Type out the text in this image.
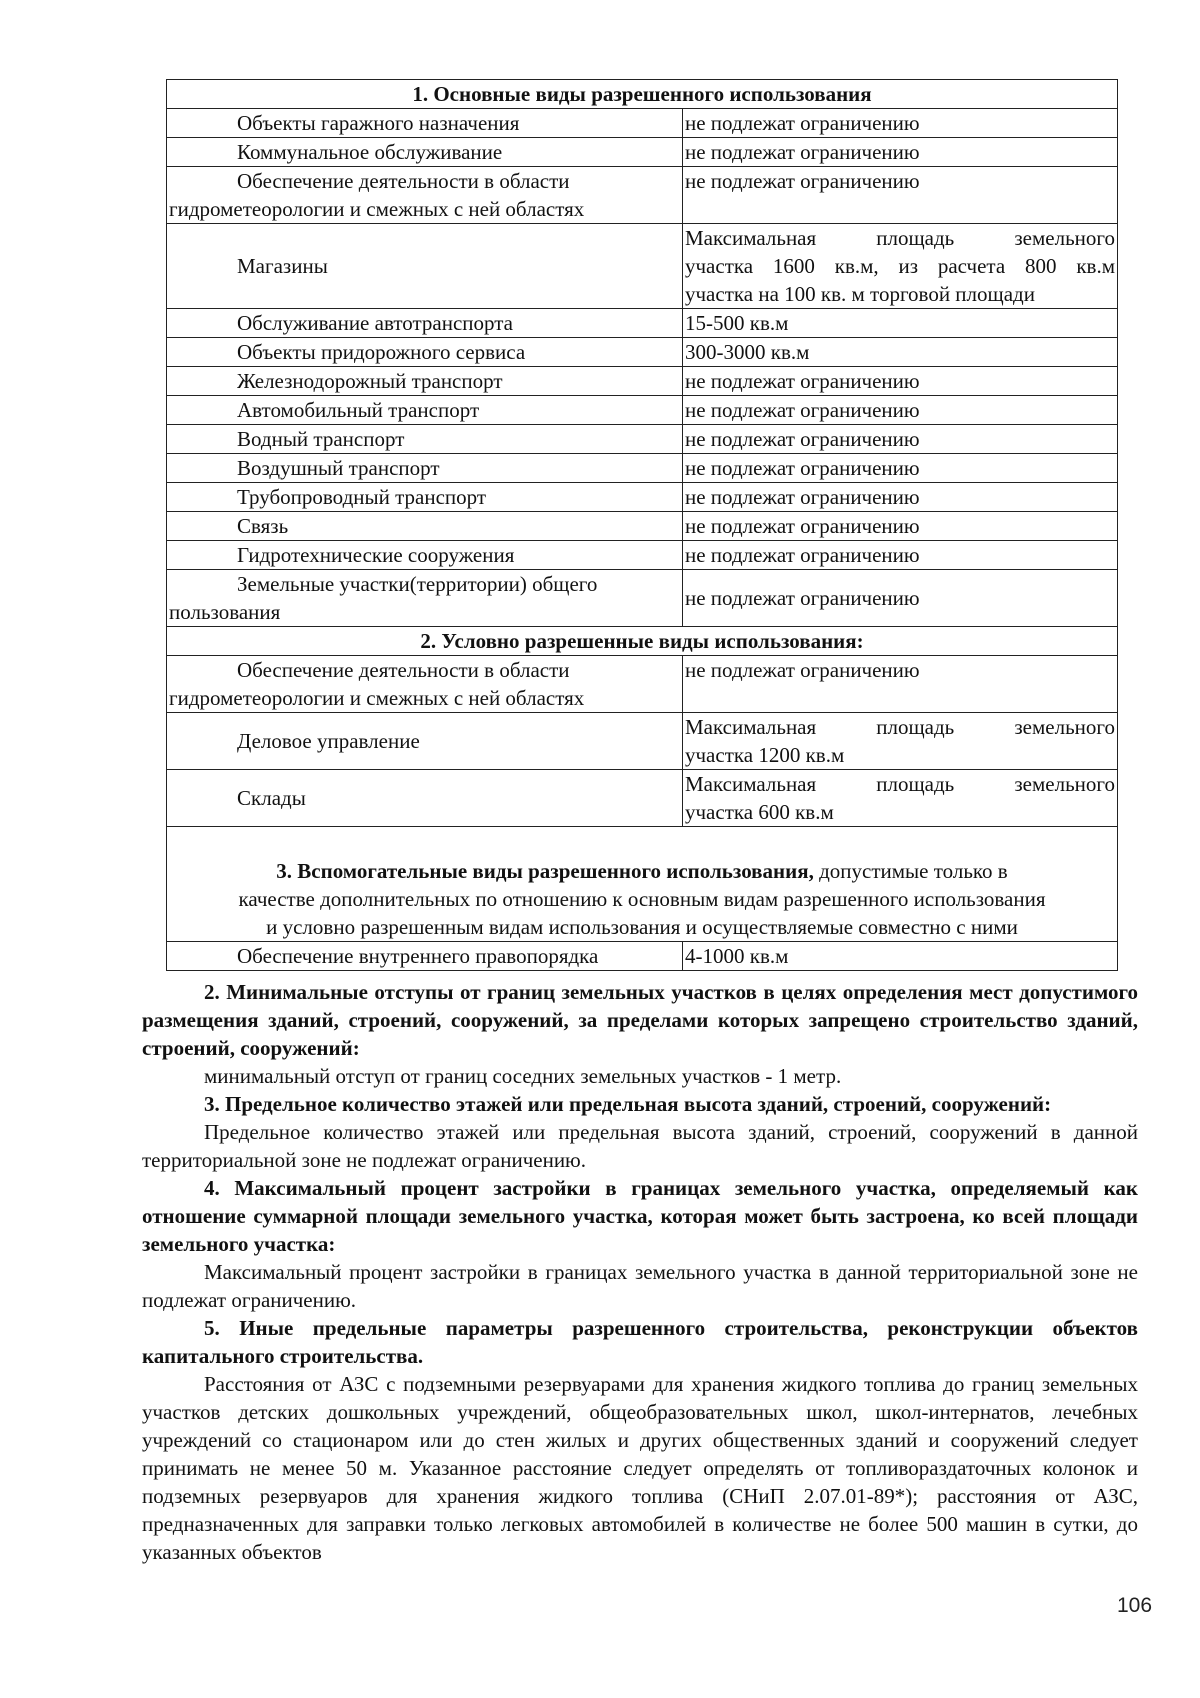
1. Основные виды разрешенного использования	
Объекты гаражного назначения	не подлежат ограничению
Коммунальное обслуживание	не подлежат ограничению
Обеспечение деятельности в области
гидрометеорологии и смежных с ней областях	не подлежат ограничению
Магазины	Максимальная площадь земельного
участка 1600 кв.м, из расчета 800 кв.м
участка на 100 кв. м торговой площади

Обслуживание автотранспорта	15-500 кв.м
Объекты придорожного сервиса	300-3000 кв.м
Железнодорожный транспорт	не подлежат ограничению
Автомобильный транспорт	не подлежат ограничению
Водный транспорт	не подлежат ограничению
Воздушный транспорт	не подлежат ограничению
Трубопроводный транспорт	не подлежат ограничению
Связь	не подлежат ограничению
Гидротехнические сооружения	не подлежат ограничению
Земельные участки(территории) общего
пользования	не подлежат ограничению
2. Условно разрешенные виды использования:	
Обеспечение деятельности в области
гидрометеорологии и смежных с ней областях	не подлежат ограничению
Деловое управление	Максимальная площадь земельного
участка 1200 кв.м

Склады	Максимальная площадь земельного
участка 600 кв.м

3. Вспомогательные виды разрешенного использования, допустимые только в
качестве дополнительных по отношению к основным видам разрешенного использования
и условно разрешенным видам использования и осуществляемые совместно с ними	
Обеспечение внутреннего правопорядка	4-1000 кв.м

2. Минимальные отступы от границ земельных участков в целях определения мест допустимого размещения зданий, строений, сооружений, за пределами которых запрещено строительство зданий, строений, сооружений:

минимальный отступ от границ соседних земельных участков - 1 метр.

3. Предельное количество этажей или предельная высота зданий, строений, сооружений:

Предельное количество этажей или предельная высота зданий, строений, сооружений в данной территориальной зоне не подлежат ограничению.

4. Максимальный процент застройки в границах земельного участка, определяемый как отношение суммарной площади земельного участка, которая может быть застроена, ко всей площади земельного участка:

Максимальный процент застройки в границах земельного участка в данной территориальной зоне не подлежат ограничению.

5. Иные предельные параметры разрешенного строительства, реконструкции объектов капитального строительства.

Расстояния от АЗС с подземными резервуарами для хранения жидкого топлива до границ земельных участков детских дошкольных учреждений, общеобразовательных школ, школ-интернатов, лечебных учреждений со стационаром или до стен жилых и других общественных зданий и сооружений следует принимать не менее 50 м. Указанное расстояние следует определять от топливораздаточных колонок и подземных резервуаров для хранения жидкого топлива (СНиП 2.07.01-89*); расстояния от АЗС, предназначенных для заправки только легковых автомобилей в количестве не более 500 машин в сутки, до указанных объектов

106
